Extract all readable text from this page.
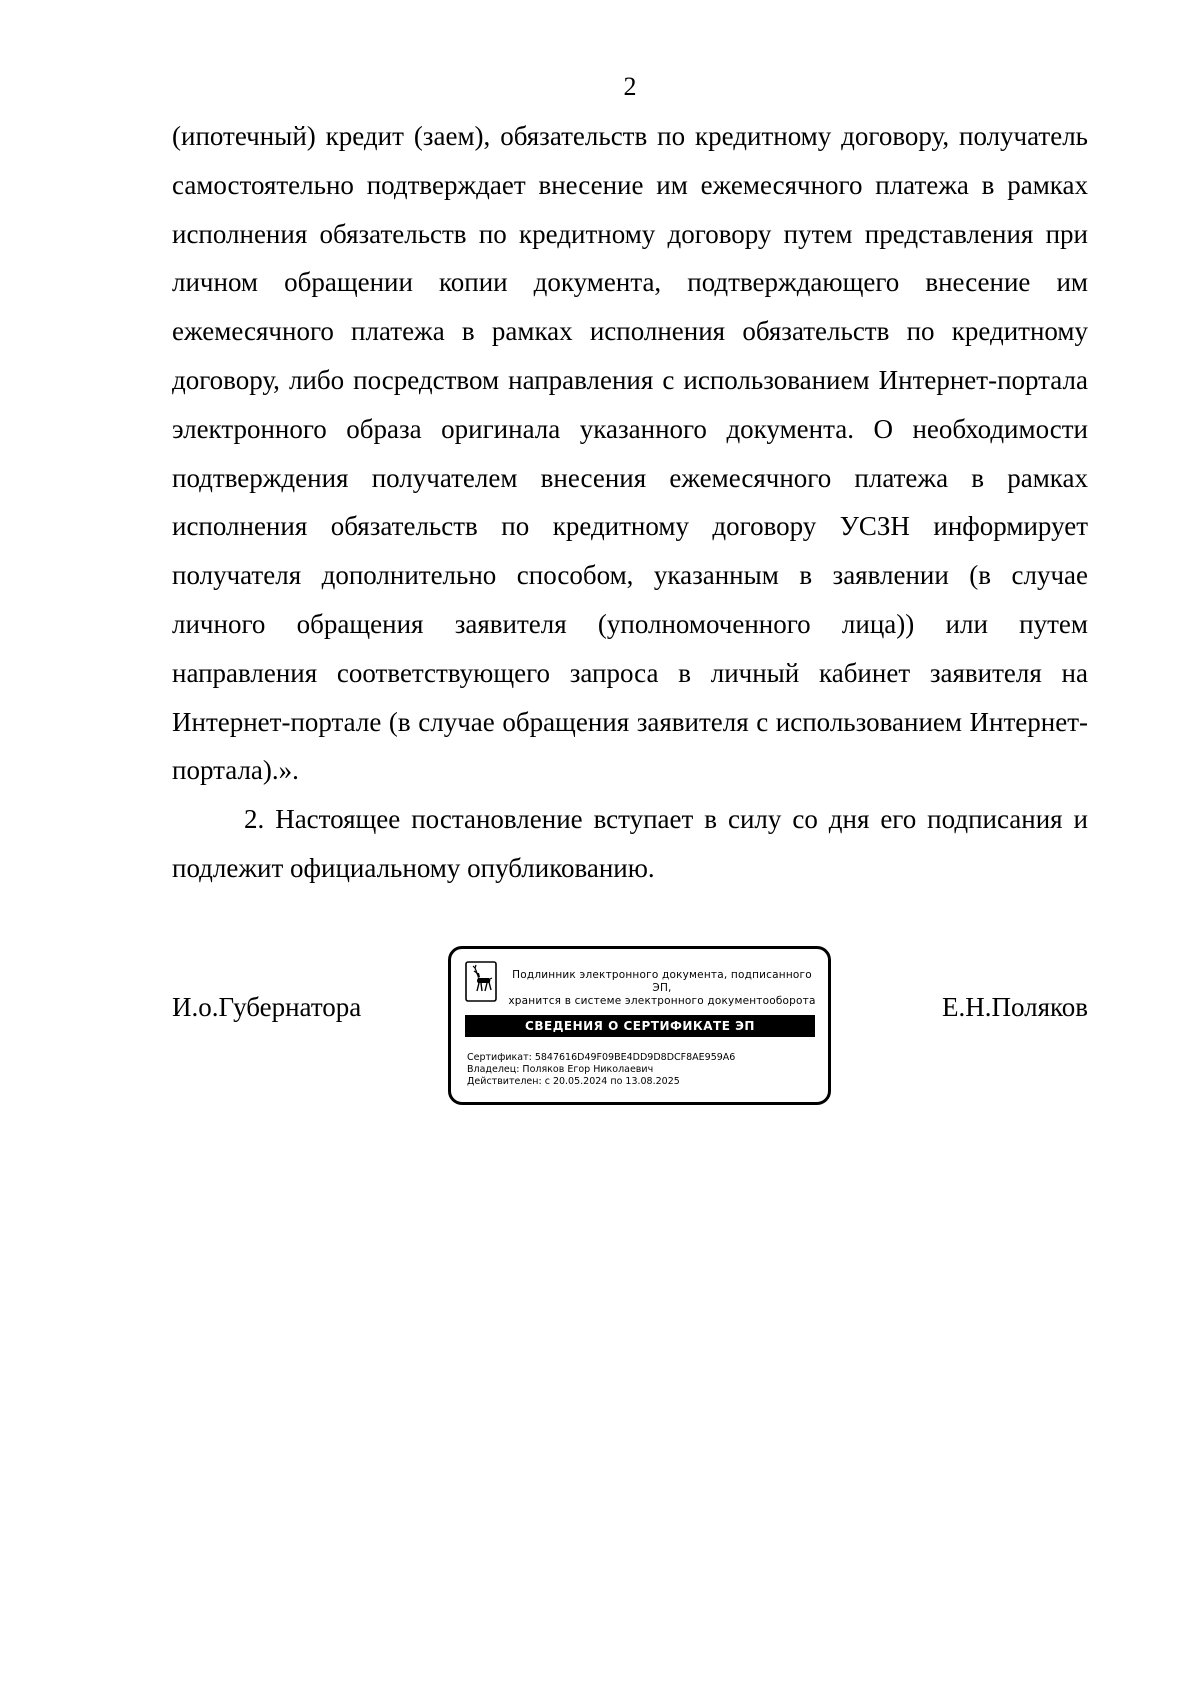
2

(ипотечный) кредит (заем), обязательств по кредитному договору, получатель самостоятельно подтверждает внесение им ежемесячного платежа в рамках исполнения обязательств по кредитному договору путем представления при личном обращении копии документа, подтверждающего внесение им ежемесячного платежа в рамках исполнения обязательств по кредитному договору, либо посредством направления с использованием Интернет-портала электронного образа оригинала указанного документа. О необходимости подтверждения получателем внесения ежемесячного платежа в рамках исполнения обязательств по кредитному договору УСЗН информирует получателя дополнительно способом, указанным в заявлении (в случае личного обращения заявителя (уполномоченного лица)) или путем направления соответствующего запроса в личный кабинет заявителя на Интернет-портале (в случае обращения заявителя с использованием Интернет-портала).».

2. Настоящее постановление вступает в силу со дня его подписания и подлежит официальному опубликованию.

И.о.Губернатора
Подлинник электронного документа, подписанного ЭП,
хранится в системе электронного документооборота
СВЕДЕНИЯ О СЕРТИФИКАТЕ ЭП
Сертификат: 5847616D49F09BE4DD9D8DCF8AE959A6
Владелец: Поляков Егор Николаевич
Действителен: с 20.05.2024 по 13.08.2025
Е.Н.Поляков
